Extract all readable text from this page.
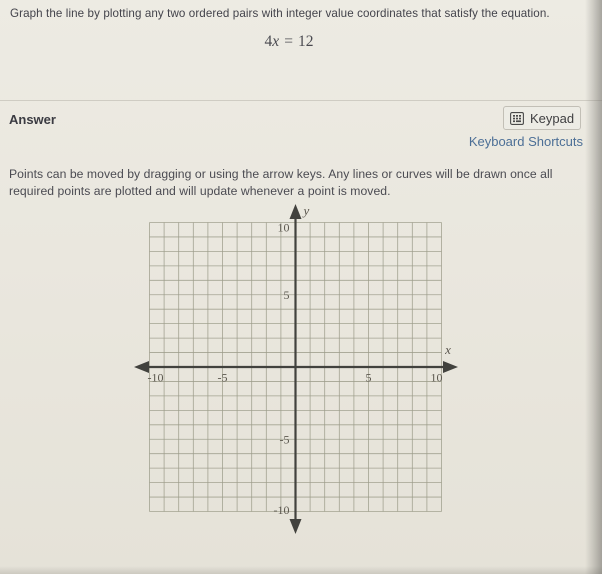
Graph the line by plotting any two ordered pairs with integer value coordinates that satisfy the equation.
4x = 12
Answer	Keypad
Keyboard Shortcuts
Points can be moved by dragging or using the arrow keys. Any lines or curves will be drawn once all
required points are plotted and will update whenever a point is moved.
-10	-5	5	10
-10
-5
5
10
x
y
